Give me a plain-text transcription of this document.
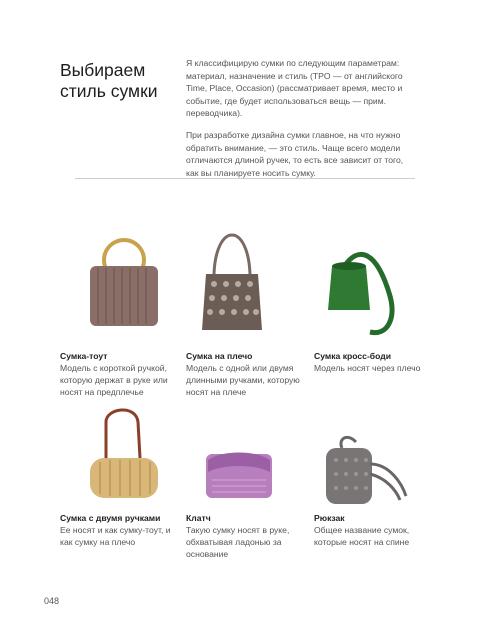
Выбираем стиль сумки

Я классифицирую сумки по следующим параметрам: материал, назначение и стиль (TPO — от английского Time, Place, Occasion) (рассматривает время, место и событие, где будет использоваться вещь — прим. переводчика).

При разработке дизайна сумки главное, на что нужно обратить внимание, — это стиль. Чаще всего модели отличаются длиной ручек, то есть все зависит от того, как вы планируете носить сумку.

Сумка-тоут
Модель с короткой ручкой, которую держат в руке или носят на предплечье
Сумка на плечо
Модель с одной или двумя длинными ручками, которую носят на плече
Сумка кросс-боди
Модель носят через плечо
Сумка с двумя ручками
Ее носят и как сумку-тоут, и как сумку на плечо
Клатч
Такую сумку носят в руке, обхватывая ладонью за основание
Рюкзак
Общее название сумок, которые носят на спине
048
